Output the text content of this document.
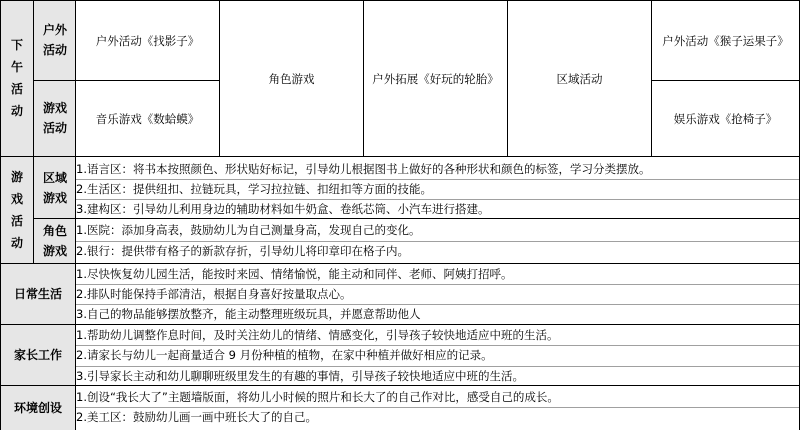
下午活动
户外活动
游戏活动
户外活动《找影子》
音乐游戏《数蛤蟆》
角色游戏	户外拓展《好玩的轮胎》	区域活动
户外活动《猴子运果子》
娱乐游戏《抢椅子》
游戏活动
区域游戏
角色游戏
1.语言区：将书本按照颜色、形状贴好标记，引导幼儿根据图书上做好的各种形状和颜色的标签，学习分类摆放。
2.生活区：提供纽扣、拉链玩具，学习拉拉链、扣纽扣等方面的技能。
3.建构区：引导幼儿利用身边的辅助材料如牛奶盒、卷纸芯筒、小汽车进行搭建。
1.医院：添加身高表，鼓励幼儿为自己测量身高，发现自己的变化。
2.银行：提供带有格子的新款存折，引导幼儿将印章印在格子内。
日常生活
1.尽快恢复幼儿园生活，能按时来园、情绪愉悦，能主动和同伴、老师、阿姨打招呼。
2.排队时能保持手部清洁，根据自身喜好按量取点心。
3.自己的物品能够摆放整齐，能主动整理班级玩具，并愿意帮助他人
家长工作
1.帮助幼儿调整作息时间，及时关注幼儿的情绪、情感变化，引导孩子较快地适应中班的生活。
2.请家长与幼儿一起商量适合 9 月份种植的植物，在家中种植并做好相应的记录。
3.引导家长主动和幼儿聊聊班级里发生的有趣的事情，引导孩子较快地适应中班的生活。
环境创设
1.创设“我长大了”主题墙版面，将幼儿小时候的照片和长大了的自己作对比，感受自己的成长。
2.美工区：鼓励幼儿画一画中班长大了的自己。
